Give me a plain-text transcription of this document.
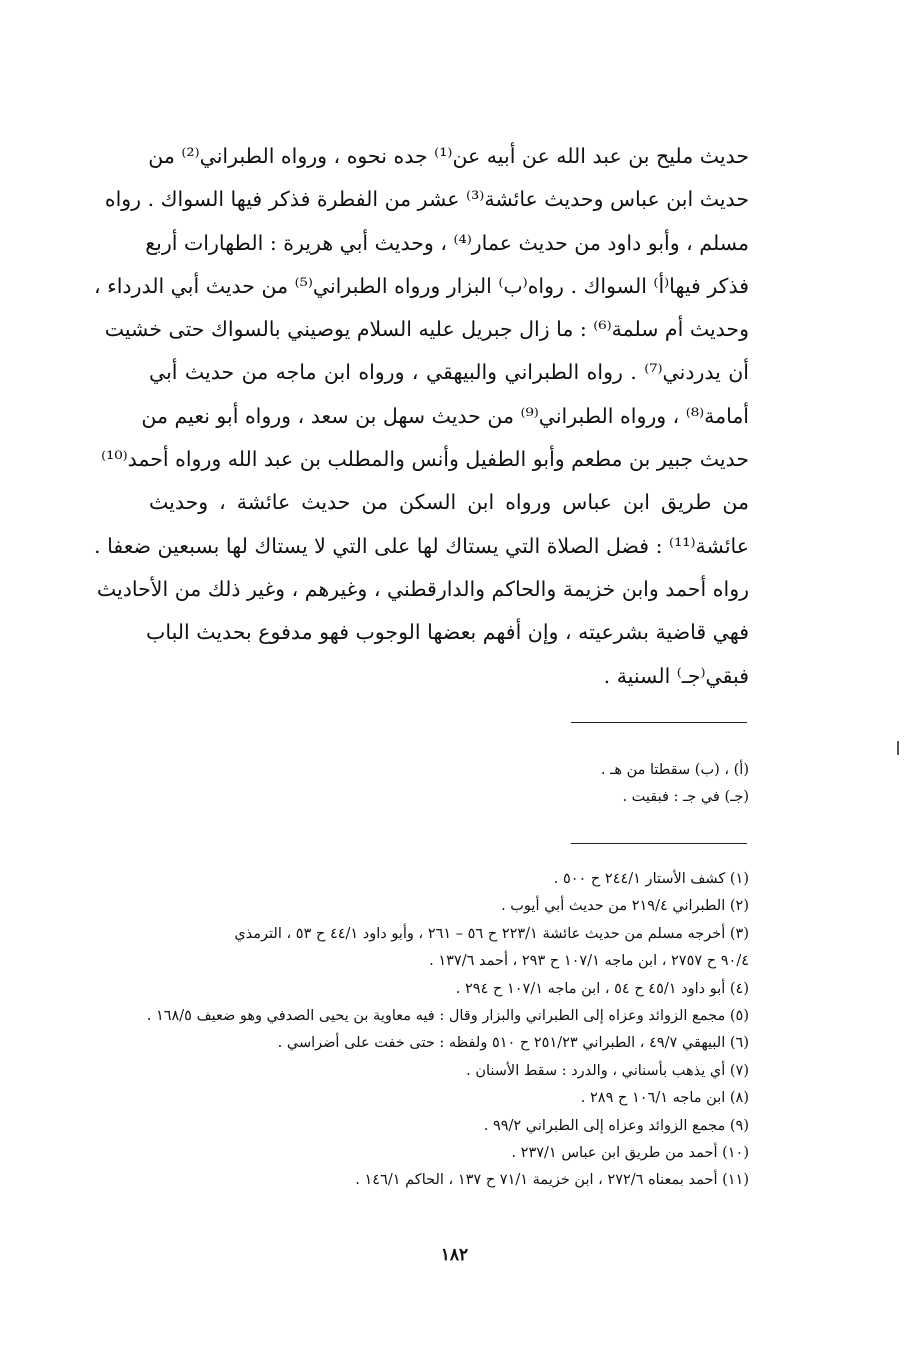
حديث مليح بن عبد الله عن أبيه عن⁽¹⁾ جده نحوه ، ورواه الطبراني⁽²⁾ من
حديث ابن عباس وحديث عائشة⁽³⁾ عشر من الفطرة فذكر فيها السواك . رواه
مسلم ، وأبو داود من حديث عمار⁽⁴⁾ ، وحديث أبي هريرة : الطهارات أربع
فذكر فيها⁽أ⁾ السواك . رواه⁽ب⁾ البزار ورواه الطبراني⁽⁵⁾ من حديث أبي الدرداء ،
وحديث أم سلمة⁽⁶⁾ : ما زال جبريل عليه السلام يوصيني بالسواك حتى خشيت
أن يدردني⁽⁷⁾ . رواه الطبراني والبيهقي ، ورواه ابن ماجه من حديث أبي
أمامة⁽⁸⁾ ، ورواه الطبراني⁽⁹⁾ من حديث سهل بن سعد ، ورواه أبو نعيم من
حديث جبير بن مطعم وأبو الطفيل وأنس والمطلب بن عبد الله ورواه أحمد⁽¹⁰⁾
من طريق ابن عباس ورواه ابن السكن من حديث عائشة ، وحديث
عائشة⁽¹¹⁾ : فضل الصلاة التي يستاك لها على التي لا يستاك لها بسبعين ضعفا .
رواه أحمد وابن خزيمة والحاكم والدارقطني ، وغيرهم ، وغير ذلك من الأحاديث
فهي قاضية بشرعيته ، وإن أفهم بعضها الوجوب فهو مدفوع بحديث الباب
فبقي⁽جـ⁾ السنية .
(أ) ، (ب) سقطتا من هـ .
(جـ) في جـ : فبقيت .
(١) كشف الأستار ٢٤٤/١ ح ٥٠٠ .
(٢) الطبراني ٢١٩/٤ من حديث أبي أيوب .
(٣) أخرجه مسلم من حديث عائشة ٢٢٣/١ ح ٥٦ – ٢٦١ ، وأبو داود ٤٤/١ ح ٥٣ ، الترمذي
٩٠/٤ ح ٢٧٥٧ ، ابن ماجه ١٠٧/١ ح ٢٩٣ ، أحمد ١٣٧/٦ .
(٤) أبو داود ٤٥/١ ح ٥٤ ، ابن ماجه ١٠٧/١ ح ٢٩٤ .
(٥) مجمع الزوائد وعزاه إلى الطبراني والبزار وقال : فيه معاوية بن يحيى الصدفي وهو ضعيف ١٦٨/٥ .
(٦) البيهقي ٤٩/٧ ، الطبراني ٢٥١/٢٣ ح ٥١٠ ولفظه : حتى خفت على أضراسي .
(٧) أي يذهب بأسناني ، والدرد : سقط الأسنان .
(٨) ابن ماجه ١٠٦/١ ح ٢٨٩ .
(٩) مجمع الزوائد وعزاه إلى الطبراني ٩٩/٢ .
(١٠) أحمد من طريق ابن عباس ٢٣٧/١ .
(١١) أحمد بمعناه ٢٧٢/٦ ، ابن خزيمة ٧١/١ ح ١٣٧ ، الحاكم ١٤٦/١ .
١٨٢
